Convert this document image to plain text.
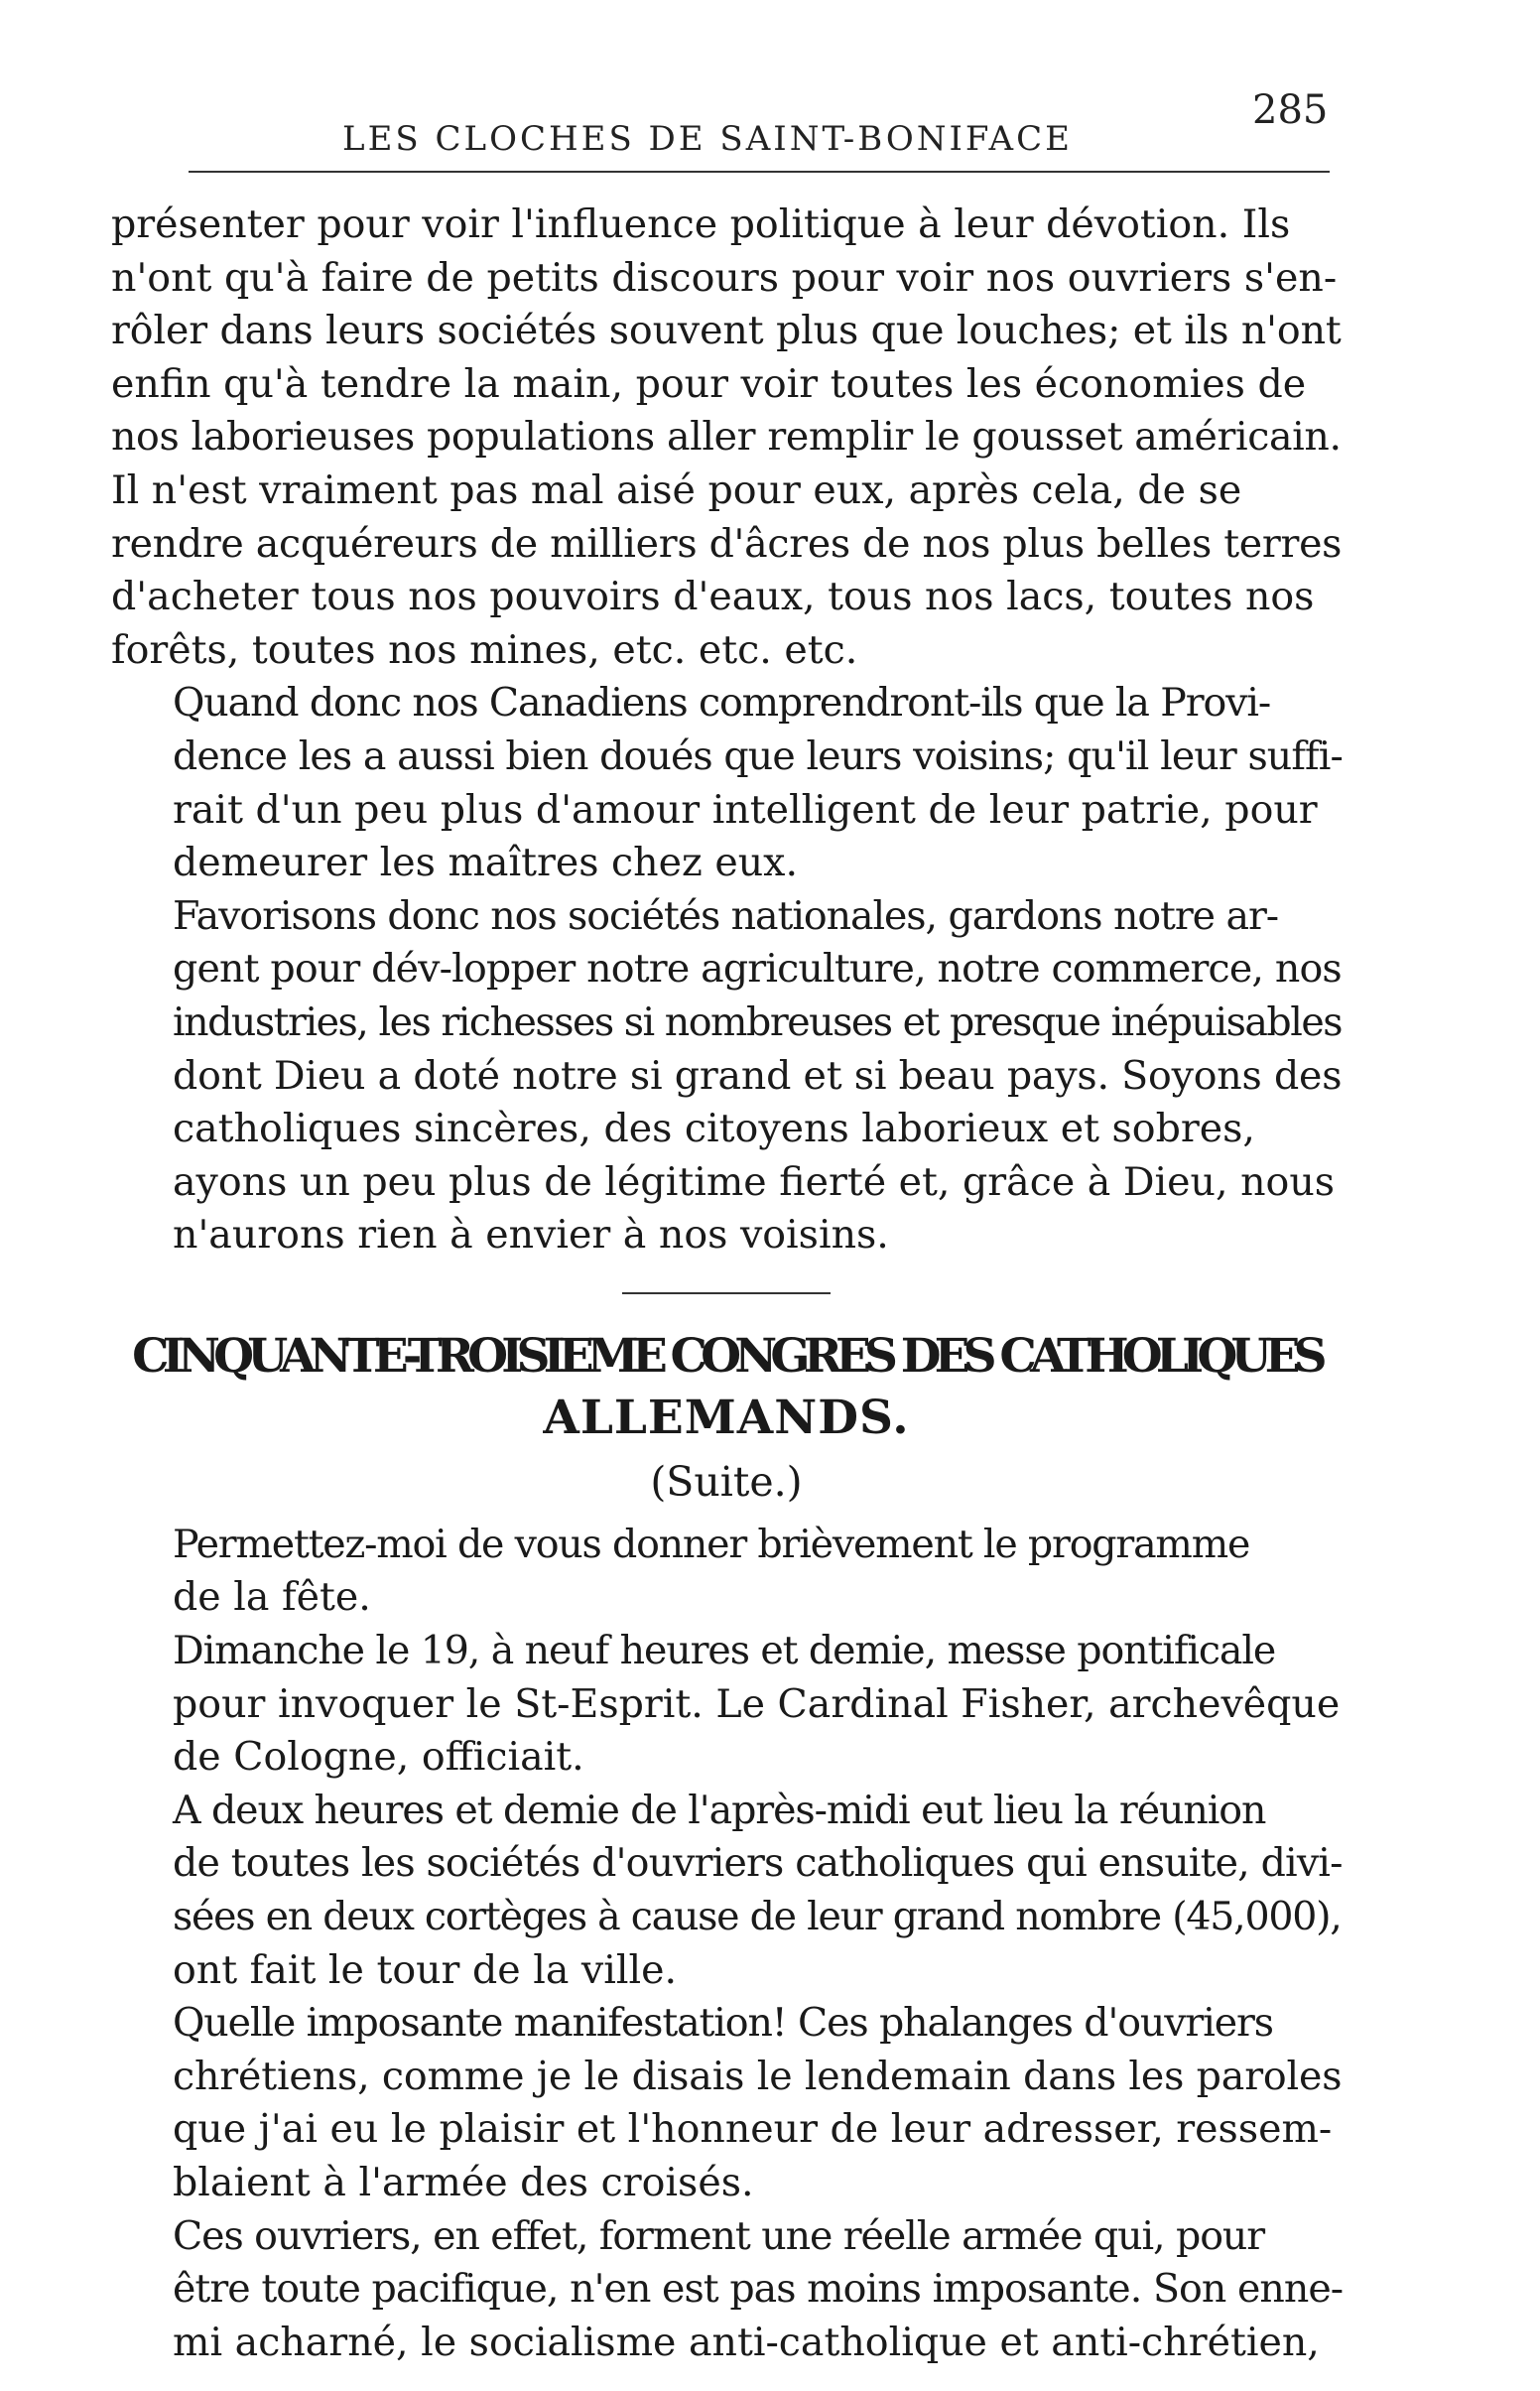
LES CLOCHES DE SAINT-BONIFACE
285

présenter pour voir l'influence politique à leur dévotion. Ils
n'ont qu'à faire de petits discours pour voir nos ouvriers s'en-
rôler dans leurs sociétés souvent plus que louches; et ils n'ont
enfin qu'à tendre la main, pour voir toutes les économies de
nos laborieuses populations aller remplir le gousset américain.
Il n'est vraiment pas mal aisé pour eux, après cela, de se
rendre acquéreurs de milliers d'âcres de nos plus belles terres
d'acheter tous nos pouvoirs d'eaux, tous nos lacs, toutes nos
forêts, toutes nos mines, etc. etc. etc.

Quand donc nos Canadiens comprendront-ils que la Provi-
dence les a aussi bien doués que leurs voisins; qu'il leur suffi-
rait d'un peu plus d'amour intelligent de leur patrie, pour
demeurer les maîtres chez eux.

Favorisons donc nos sociétés nationales, gardons notre ar-
gent pour dév-lopper notre agriculture, notre commerce, nos
industries, les richesses si nombreuses et presque inépuisables
dont Dieu a doté notre si grand et si beau pays. Soyons des
catholiques sincères, des citoyens laborieux et sobres,
ayons un peu plus de légitime fierté et, grâce à Dieu, nous
n'aurons rien à envier à nos voisins.

CINQUANTE-TROISIEME CONGRES DES CATHOLIQUES
ALLEMANDS.
(Suite.)

Permettez-moi de vous donner brièvement le programme
de la fête.

Dimanche le 19, à neuf heures et demie, messe pontificale
pour invoquer le St-Esprit. Le Cardinal Fisher, archevêque
de Cologne, officiait.

A deux heures et demie de l'après-midi eut lieu la réunion
de toutes les sociétés d'ouvriers catholiques qui ensuite, divi-
sées en deux cortèges à cause de leur grand nombre (45,000),
ont fait le tour de la ville.

Quelle imposante manifestation! Ces phalanges d'ouvriers
chrétiens, comme je le disais le lendemain dans les paroles
que j'ai eu le plaisir et l'honneur de leur adresser, ressem-
blaient à l'armée des croisés.

Ces ouvriers, en effet, forment une réelle armée qui, pour
être toute pacifique, n'en est pas moins imposante. Son enne-
mi acharné, le socialisme anti-catholique et anti-chrétien,
